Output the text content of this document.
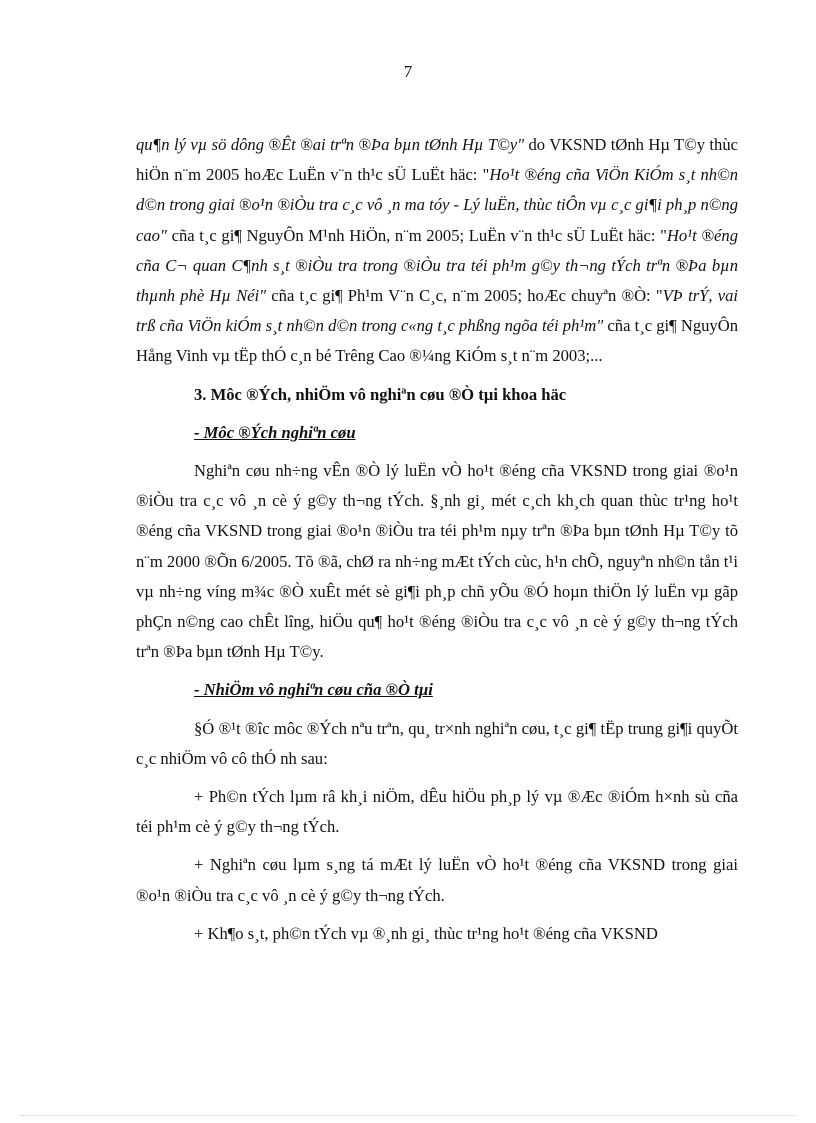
7

qu¶n lý vµ sö dông ®Êt ®ai trªn ®Þa bµn tØnh Hµ T©y" do VKSND tØnh Hµ T©y thùc hiÖn n¨m 2005 hoÆc LuËn v¨n th¹c sÜ LuËt häc: "Ho¹t ®éng cña ViÖn KiÓm s¸t nh©n d©n trong giai ®o¹n ®iÒu tra c¸c vô ¸n ma tóy - Lý luËn, thùc tiÔn vµ c¸c gi¶i ph¸p n©ng cao" cña t¸c gi¶ NguyÔn M¹nh HiÖn, n¨m 2005; LuËn v¨n th¹c sÜ LuËt häc: "Ho¹t ®éng cña C¬ quan C¶nh s¸t ®iÒu tra trong ®iÒu tra téi ph¹m g©y th¬ng tÝch trªn ®Þa bµn thµnh phè Hµ Néi" cña t¸c gi¶ Ph¹m V¨n C¸c, n¨m 2005; hoÆc chuyªn ®Ò: "VÞ trÝ, vai trß cña ViÖn kiÓm s¸t nh©n d©n trong c«ng t¸c phßng ngõa téi ph¹m" cña t¸c gi¶ NguyÔn Hång Vinh vµ tËp thÓ c¸n bé Trêng Cao ®¼ng KiÓm s¸t n¨m 2003;...

3. Môc ®Ých, nhiÖm vô nghiªn cøu ®Ò tµi khoa häc

- Môc ®Ých nghiªn cøu

Nghiªn cøu nh÷ng vÊn ®Ò lý luËn vÒ ho¹t ®éng cña VKSND trong giai ®o¹n ®iÒu tra c¸c vô ¸n cè ý g©y th¬ng tÝch. §¸nh gi¸ mét c¸ch kh¸ch quan thùc tr¹ng ho¹t ®éng cña VKSND trong giai ®o¹n ®iÒu tra téi ph¹m nµy trªn ®Þa bµn tØnh Hµ T©y tõ n¨m 2000 ®Õn 6/2005. Tõ ®ã, chØ ra nh÷ng mÆt tÝch cùc, h¹n chÕ, nguyªn nh©n tån t¹i vµ nh÷ng víng m¾c ®Ò xuÊt mét sè gi¶i ph¸p chñ yÕu ®Ó hoµn thiÖn lý luËn vµ gãp phÇn n©ng cao chÊt lîng, hiÖu qu¶ ho¹t ®éng ®iÒu tra c¸c vô ¸n cè ý g©y th¬ng tÝch trªn ®Þa bµn tØnh Hµ T©y.

- NhiÖm vô nghiªn cøu cña ®Ò tµi

§Ó ®¹t ®îc môc ®Ých nªu trªn, qu¸ tr×nh nghiªn cøu, t¸c gi¶ tËp trung gi¶i quyÕt c¸c nhiÖm vô cô thÓ nh sau:

+ Ph©n tÝch lµm râ kh¸i niÖm, dÊu hiÖu ph¸p lý vµ ®Æc ®iÓm h×nh sù cña téi ph¹m cè ý g©y th¬ng tÝch.

+ Nghiªn cøu lµm s¸ng tá mÆt lý luËn vÒ ho¹t ®éng cña VKSND trong giai ®o¹n ®iÒu tra c¸c vô ¸n cè ý g©y th¬ng tÝch.

+ Kh¶o s¸t, ph©n tÝch vµ ®¸nh gi¸ thùc tr¹ng ho¹t ®éng cña VKSND
